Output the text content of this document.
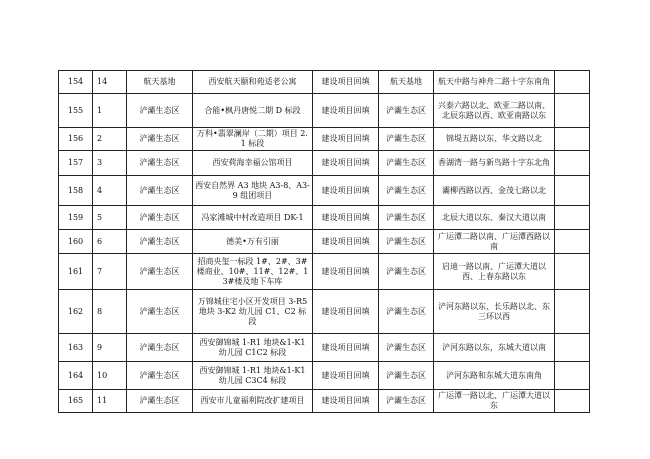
154	14	航天基地	西安航天颐和苑适老公寓	建设项目回填	航天基地	航天中路与神舟二路十字东南角	
155	1	浐灞生态区	合能•枫丹唐悦二期 D 标段	建设项目回填	浐灞生态区	兴泰六路以北、欧亚二路以南、北辰东路以西、欧亚南路以东	
156	2	浐灞生态区	万科•翡翠澜岸（二期）项目 2.1 标段	建设项目回填	浐灞生态区	锦堤五路以东、华文路以北	
157	3	浐灞生态区	西安荷海幸福公馆项目	建设项目回填	浐灞生态区	香湖湾一路与新鸟路十字东北角	
158	4	浐灞生态区	西安自然界 A3 地块 A3-8、A3-9 组团项目	建设项目回填	浐灞生态区	灞柳西路以西、金茂七路以北	
159	5	浐灞生态区	冯家滩城中村改造项目 DK-1	建设项目回填	浐灞生态区	北辰大道以东、秦汉大道以南	
160	6	浐灞生态区	德美•万有引丽	建设项目回填	浐灞生态区	广运潭二路以南、广运潭西路以南	
161	7	浐灞生态区	招商央玺一标段 1#、2#、3#楼商业、10#、11#、12#、13#楼及地下车库	建设项目回填	浐灞生态区	启迪一路以南、广运潭大道以西、上春东路以东	
162	8	浐灞生态区	万锦城住宅小区开发项目 3-R5 地块 3-K2 幼儿园 C1、C2 标段	建设项目回填	浐灞生态区	浐河东路以东、长乐路以北、东三环以西	
163	9	浐灞生态区	西安御锦城 1-R1 地块&1-K1 幼儿园 C1C2 标段	建设项目回填	浐灞生态区	浐河东路以东，东城大道以南	
164	10	浐灞生态区	西安御锦城 1-R1 地块&1-K1 幼儿园 C3C4 标段	建设项目回填	浐灞生态区	浐河东路和东城大道东南角	
165	11	浐灞生态区	西安市儿童福利院改扩建项目	建设项目回填	浐灞生态区	广运潭一路以北、广运潭大道以东	
